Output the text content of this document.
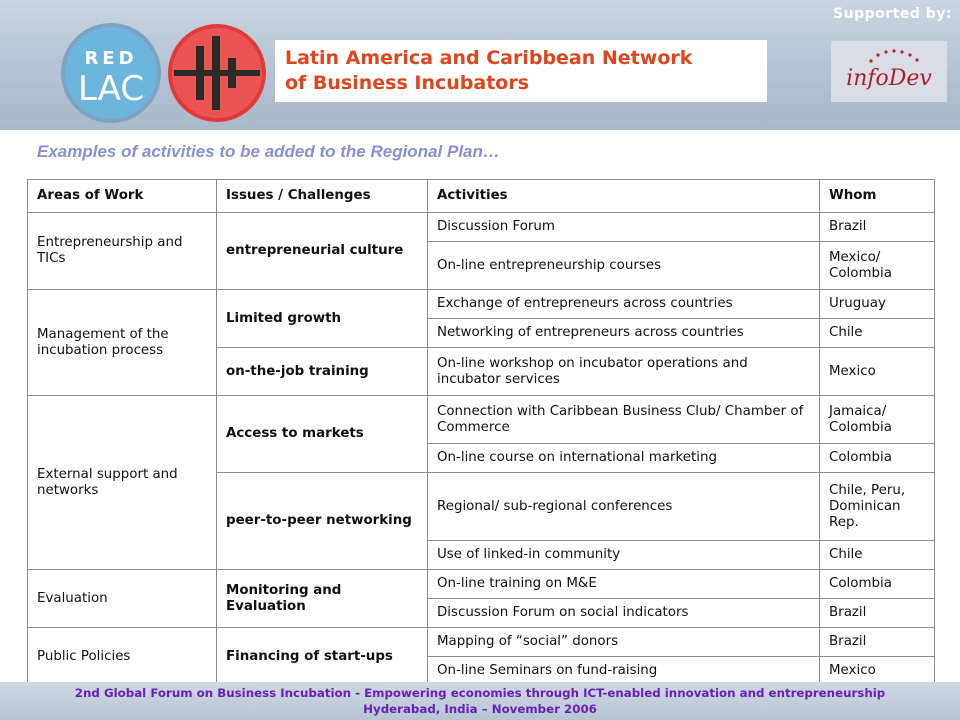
Supported by:
RED
LAC
Latin America and Caribbean Network
of Business Incubators	infoDev
Examples of activities to be added to the Regional Plan…
Areas of Work	Issues / Challenges	Activities	Whom
Entrepreneurship and TICs	entrepreneurial culture	Discussion Forum	Brazil
		On-line entrepreneurship courses	Mexico/ Colombia
Management of the incubation process	Limited growth	Exchange of entrepreneurs across countries	Uruguay
		Networking of entrepreneurs across countries	Chile
	on-the-job training	On-line workshop on incubator operations and incubator services	Mexico
External support and networks	Access to markets	Connection with Caribbean Business Club/ Chamber of Commerce	Jamaica/ Colombia
		On-line course on international marketing	Colombia
	peer-to-peer networking	Regional/ sub-regional conferences	Chile, Peru, Dominican Rep.
		Use of linked-in community	Chile
Evaluation	Monitoring and Evaluation	On-line training on M&E	Colombia
		Discussion Forum on social indicators	Brazil
Public Policies	Financing of start-ups	Mapping of “social” donors	Brazil
		On-line Seminars on fund-raising	Mexico
2nd Global Forum on Business Incubation - Empowering economies through ICT-enabled innovation and entrepreneurship
Hyderabad, India – November 2006
